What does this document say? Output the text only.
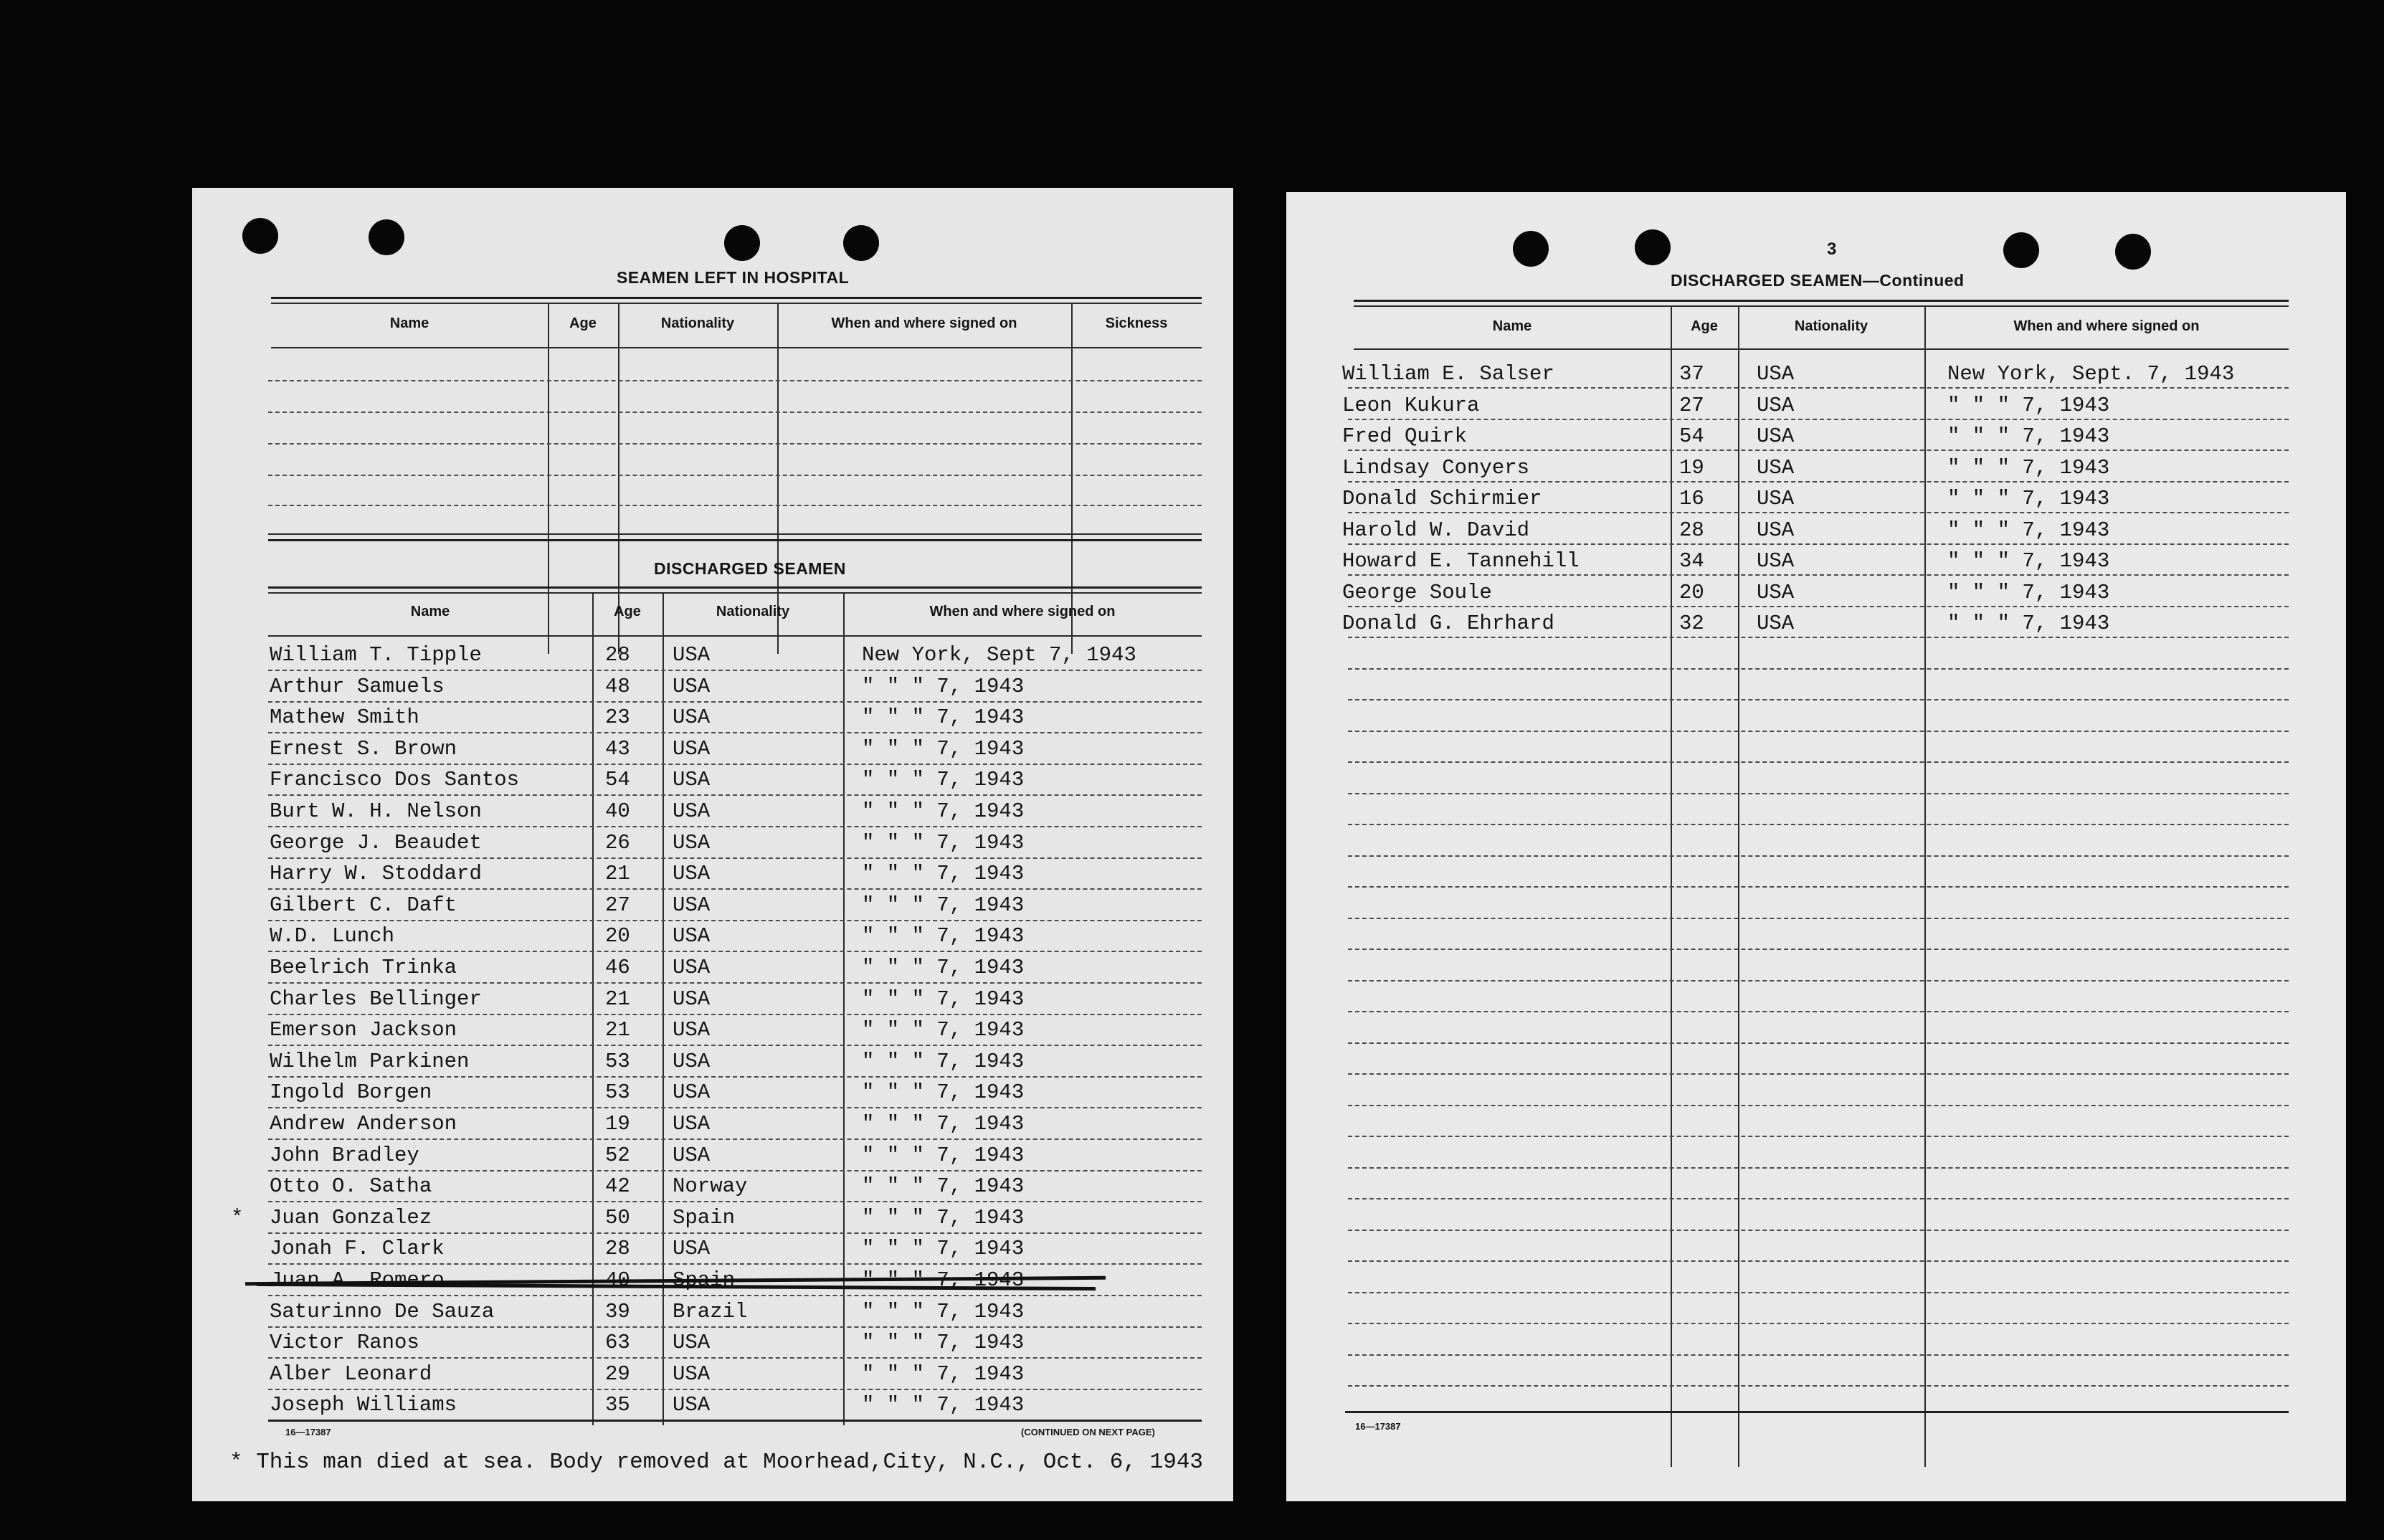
SEAMEN LEFT IN HOSPITAL
Name	Age	Nationality	When and where signed on	Sickness
DISCHARGED SEAMEN
Name	Age	Nationality	When and where signed on
William T. Tipple	28 USA	New York, Sept 7, 1943
Arthur Samuels	48 USA	" " " 7, 1943
Mathew Smith	23 USA	" " " 7, 1943
Ernest S. Brown	43 USA	" " " 7, 1943
Francisco Dos Santos	54 USA	" " " 7, 1943
Burt W. H. Nelson	40 USA	" " " 7, 1943
George J. Beaudet	26 USA	" " " 7, 1943
Harry W. Stoddard	21 USA	" " " 7, 1943
Gilbert C. Daft	27 USA	" " " 7, 1943
W.D. Lunch	20 USA	" " " 7, 1943
Beelrich Trinka	46 USA	" " " 7, 1943
Charles Bellinger	21 USA	" " " 7, 1943
Emerson Jackson	21 USA	" " " 7, 1943
Wilhelm Parkinen	53 USA	" " " 7, 1943
Ingold Borgen	53 USA	" " " 7, 1943
Andrew Anderson	19 USA	" " " 7, 1943
John Bradley	52 USA	" " " 7, 1943
Otto O. Satha	42 Norway	" " " 7, 1943
* Juan Gonzalez	50 Spain	" " " 7, 1943
Jonah F. Clark	28 USA	" " " 7, 1943
Juan A. Romero	40 Spain	" " " 7, 1943
Saturinno De Sauza	39 Brazil	" " " 7, 1943
Victor Ranos	63 USA	" " " 7, 1943
Alber Leonard	29 USA	" " " 7, 1943
Joseph Williams	35 USA	" " " 7, 1943
16—17387	(CONTINUED ON NEXT PAGE)
* This man died at sea. Body removed at Moorhead,City, N.C., Oct. 6, 1943
3
DISCHARGED SEAMEN—Continued
Name	Age	Nationality	When and where signed on
William E. Salser	37	USA	New York, Sept. 7, 1943
Leon Kukura	27	USA	" " " 7, 1943
Fred Quirk	54	USA	" " " 7, 1943
Lindsay Conyers	19	USA	" " " 7, 1943
Donald Schirmier	16	USA	" " " 7, 1943
Harold W. David	28	USA	" " " 7, 1943
Howard E. Tannehill	34	USA	" " " 7, 1943
George Soule	20	USA	" " " 7, 1943
Donald G. Ehrhard	32	USA	" " " 7, 1943
16—17387
